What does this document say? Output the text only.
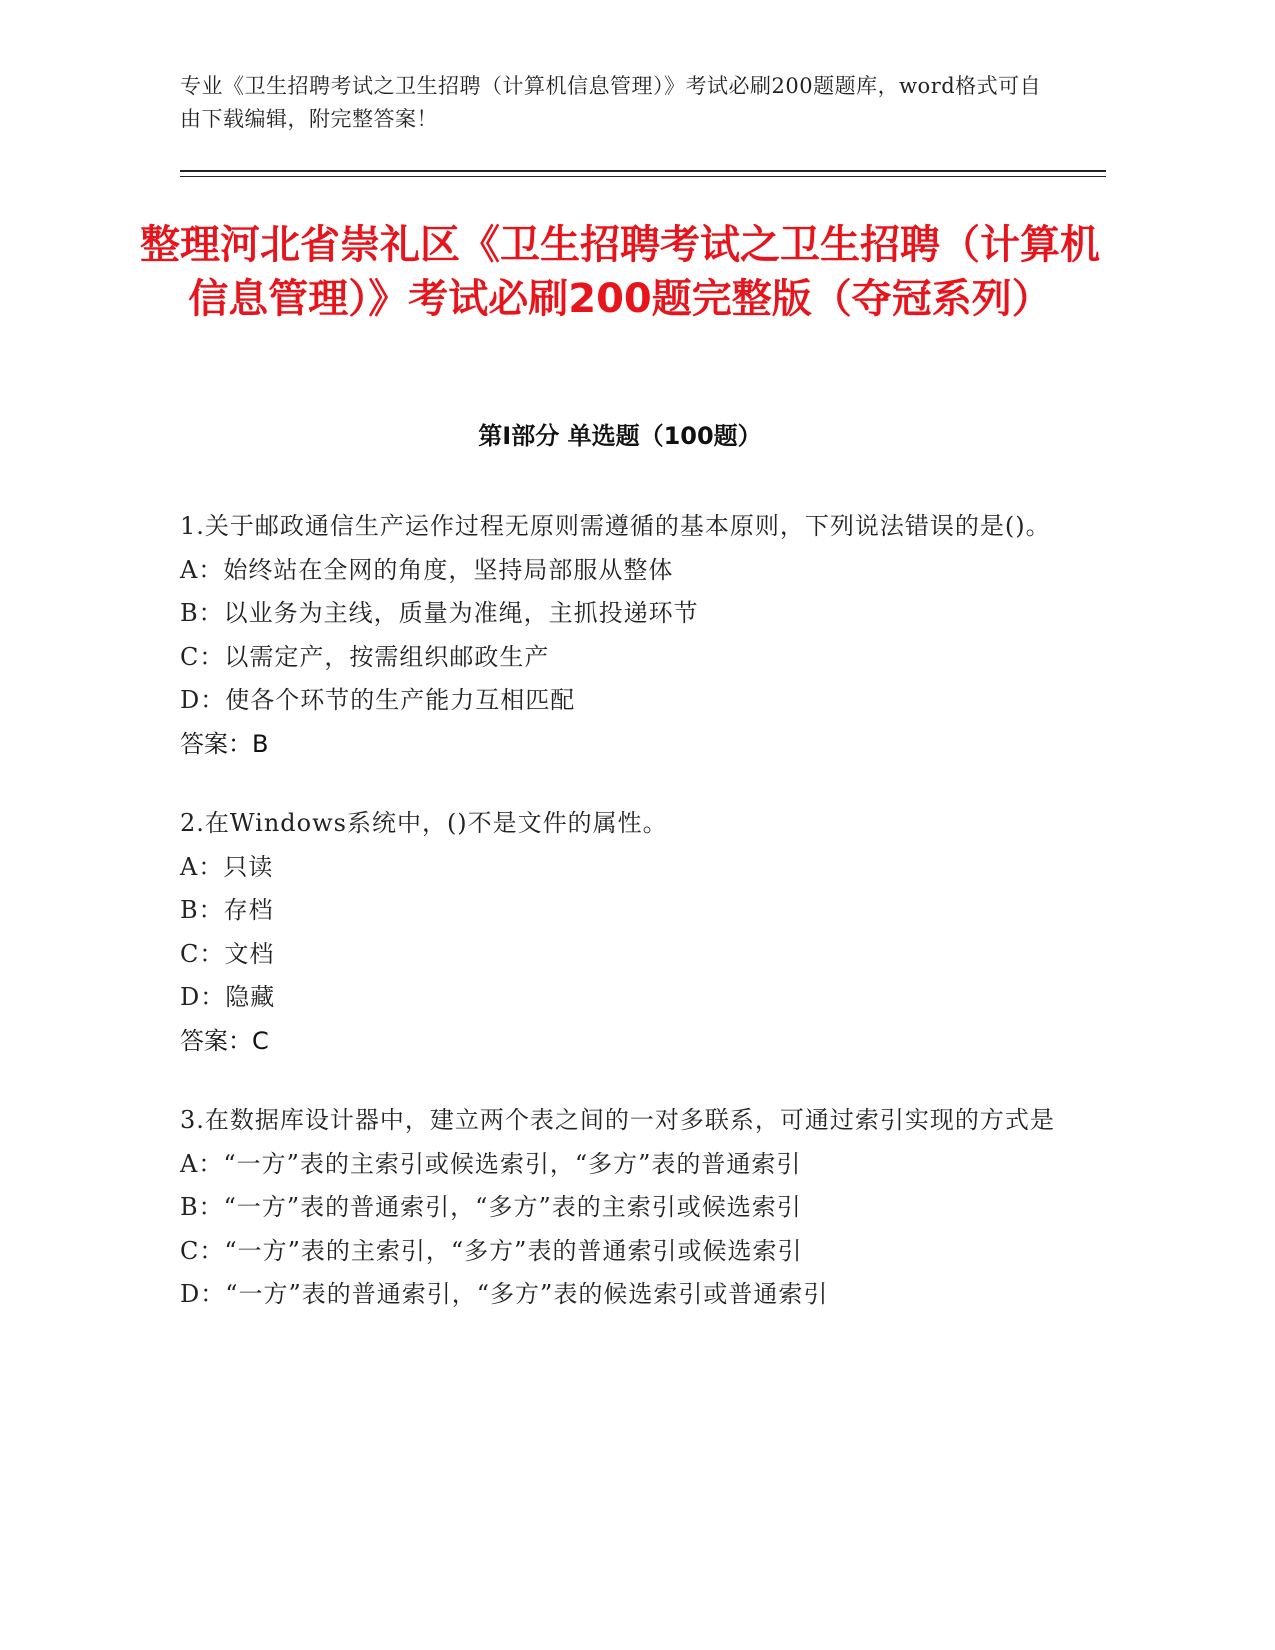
专业《卫生招聘考试之卫生招聘（计算机信息管理）》考试必刷200题题库，word格式可自由下载编辑，附完整答案！
整理河北省崇礼区《卫生招聘考试之卫生招聘（计算机信息管理）》考试必刷200题完整版（夺冠系列）
第Ⅰ部分 单选题（100题）
1.关于邮政通信生产运作过程无原则需遵循的基本原则，下列说法错误的是()。
A：始终站在全网的角度，坚持局部服从整体
B：以业务为主线，质量为准绳，主抓投递环节
C：以需定产，按需组织邮政生产
D：使各个环节的生产能力互相匹配
答案：B
2.在Windows系统中，()不是文件的属性。
A：只读
B：存档
C：文档
D：隐藏
答案：C
3.在数据库设计器中，建立两个表之间的一对多联系，可通过索引实现的方式是
A：“一方”表的主索引或候选索引，“多方”表的普通索引
B：“一方”表的普通索引，“多方”表的主索引或候选索引
C：“一方”表的主索引，“多方”表的普通索引或候选索引
D：“一方”表的普通索引，“多方”表的候选索引或普通索引
